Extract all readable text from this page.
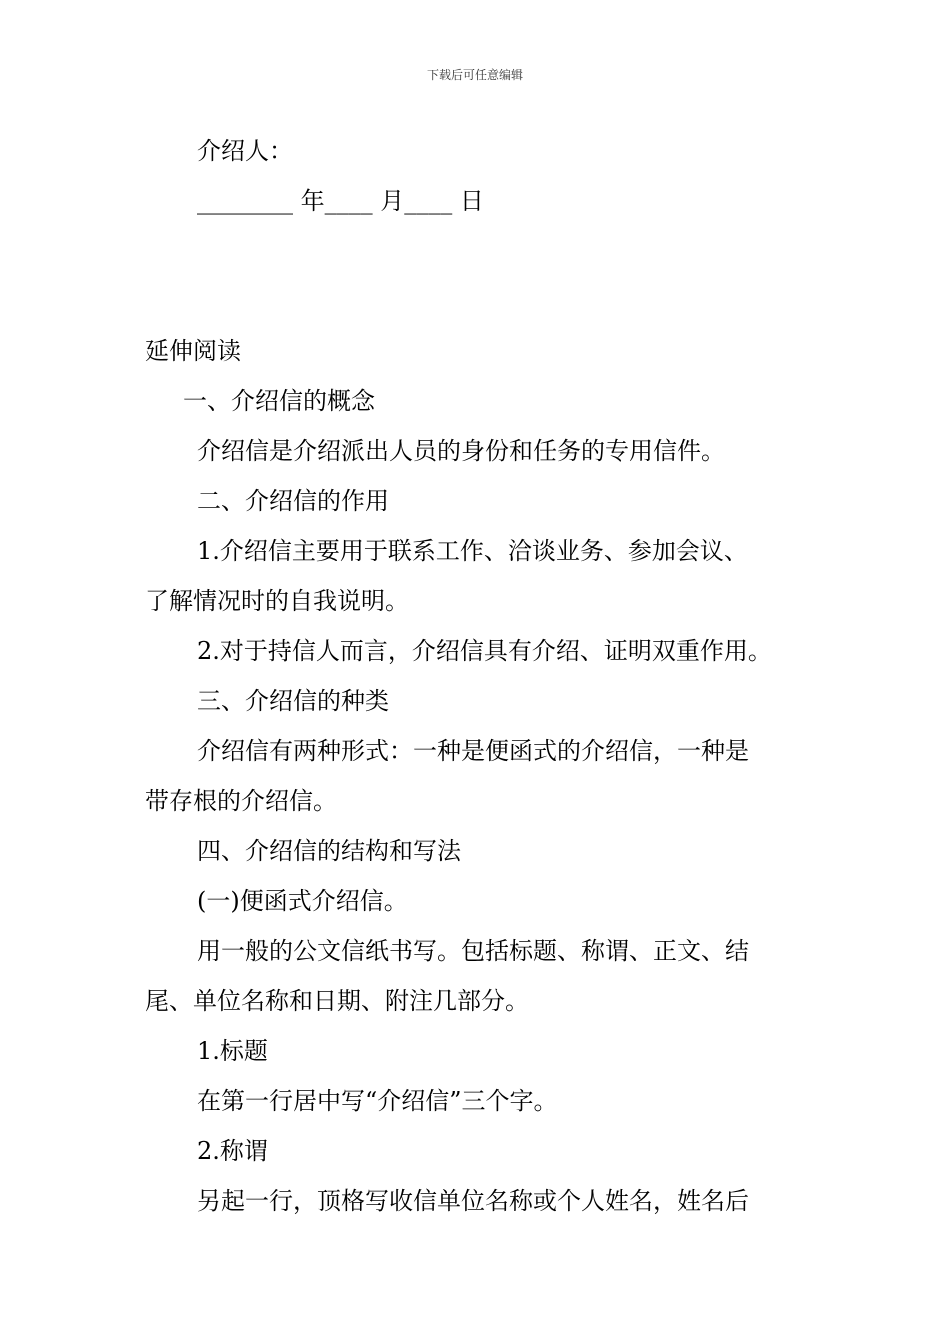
下载后可任意编辑
介绍人：
________ 年____ 月____ 日
延伸阅读
一、介绍信的概念
介绍信是介绍派出人员的身份和任务的专用信件。
二、介绍信的作用
1.介绍信主要用于联系工作、洽谈业务、参加会议、
了解情况时的自我说明。
2.对于持信人而言，介绍信具有介绍、证明双重作用。
三、介绍信的种类
介绍信有两种形式：一种是便函式的介绍信，一种是
带存根的介绍信。
四、介绍信的结构和写法
(一)便函式介绍信。
用一般的公文信纸书写。包括标题、称谓、正文、结
尾、单位名称和日期、附注几部分。
1.标题
在第一行居中写“介绍信”三个字。
2.称谓
另起一行，顶格写收信单位名称或个人姓名，姓名后
